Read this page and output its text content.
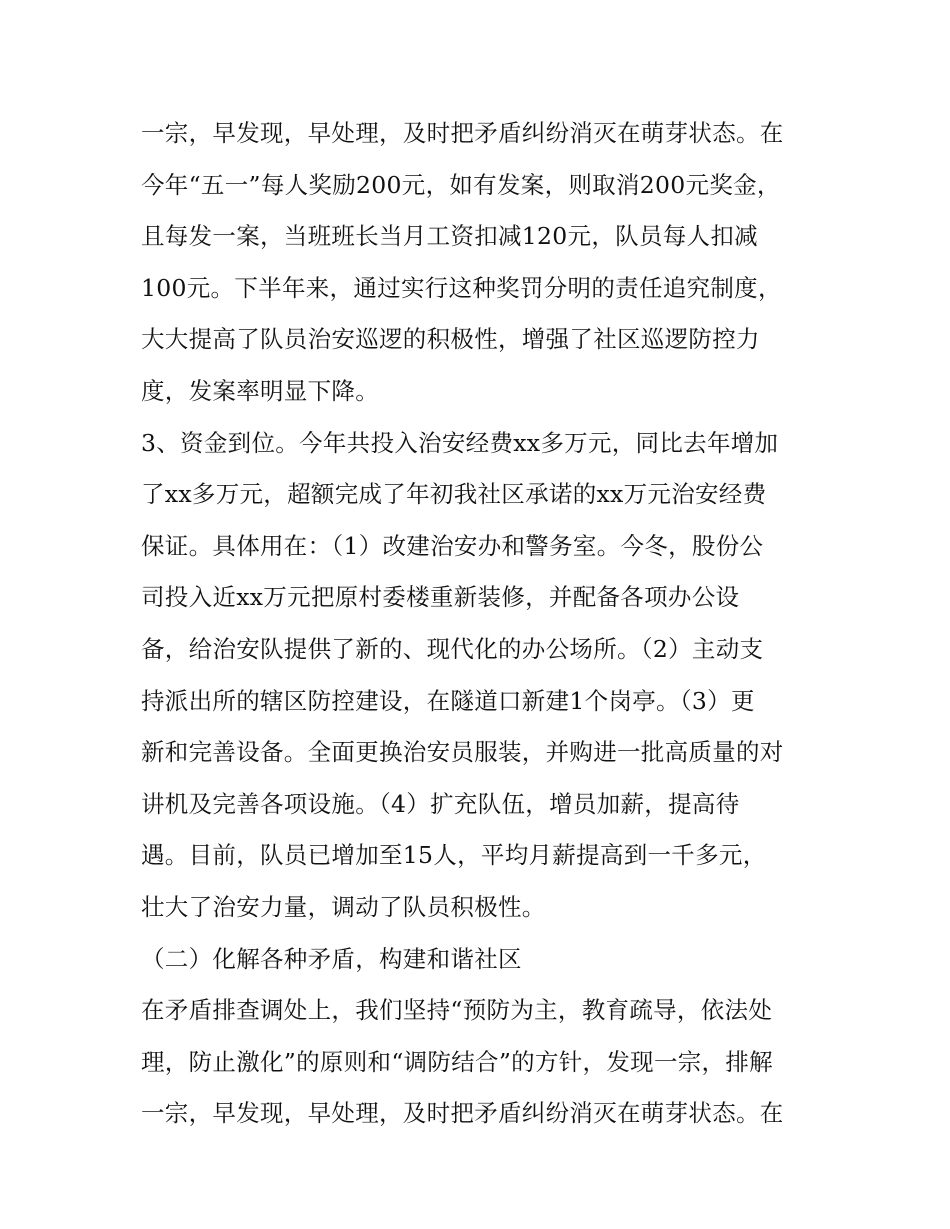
一宗，早发现，早处理，及时把矛盾纠纷消灭在萌芽状态。在
今年“五一”每人奖励200元，如有发案，则取消200元奖金，
且每发一案，当班班长当月工资扣减120元，队员每人扣减
100元。下半年来，通过实行这种奖罚分明的责任追究制度，
大大提高了队员治安巡逻的积极性，增强了社区巡逻防控力
度，发案率明显下降。
3、资金到位。今年共投入治安经费xx多万元，同比去年增加
了xx多万元，超额完成了年初我社区承诺的xx万元治安经费
保证。具体用在：（1）改建治安办和警务室。今冬，股份公
司投入近xx万元把原村委楼重新装修，并配备各项办公设
备，给治安队提供了新的、现代化的办公场所。（2）主动支
持派出所的辖区防控建设，在隧道口新建1个岗亭。（3）更
新和完善设备。全面更换治安员服装，并购进一批高质量的对
讲机及完善各项设施。（4）扩充队伍，增员加薪，提高待
遇。目前，队员已增加至15人，平均月薪提高到一千多元，
壮大了治安力量，调动了队员积极性。
（二）化解各种矛盾，构建和谐社区
在矛盾排查调处上，我们坚持“预防为主，教育疏导，依法处
理，防止激化”的原则和“调防结合”的方针，发现一宗，排解
一宗，早发现，早处理，及时把矛盾纠纷消灭在萌芽状态。在
